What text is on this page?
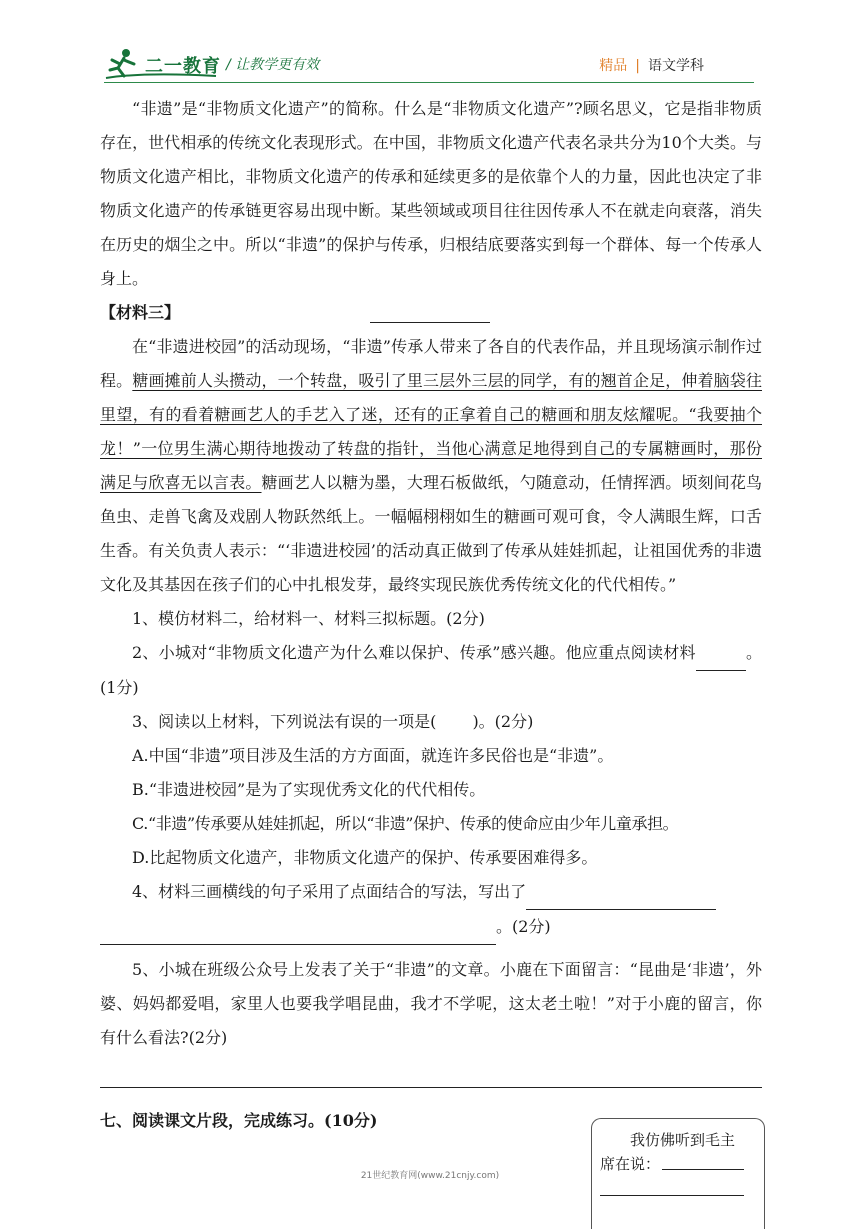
二一教育 / 让教学更有效	精品 | 语文学科

“非遗”是“非物质文化遗产”的简称。什么是“非物质文化遗产”?顾名思义，它是指非物质存在，世代相承的传统文化表现形式。在中国，非物质文化遗产代表名录共分为10个大类。与物质文化遗产相比，非物质文化遗产的传承和延续更多的是依靠个人的力量，因此也决定了非物质文化遗产的传承链更容易出现中断。某些领域或项目往往因传承人不在就走向衰落，消失在历史的烟尘之中。所以“非遗”的保护与传承，归根结底要落实到每一个群体、每一个传承人身上。

【材料三】

在“非遗进校园”的活动现场，“非遗”传承人带来了各自的代表作品，并且现场演示制作过程。糖画摊前人头攒动，一个转盘，吸引了里三层外三层的同学，有的翘首企足，伸着脑袋往里望，有的看着糖画艺人的手艺入了迷，还有的正拿着自己的糖画和朋友炫耀呢。“我要抽个龙！”一位男生满心期待地拨动了转盘的指针，当他心满意足地得到自己的专属糖画时，那份满足与欣喜无以言表。糖画艺人以糖为墨，大理石板做纸，勺随意动，任情挥洒。顷刻间花鸟鱼虫、走兽飞禽及戏剧人物跃然纸上。一幅幅栩栩如生的糖画可观可食，令人满眼生辉，口舌生香。有关负责人表示：“‘非遗进校园’的活动真正做到了传承从娃娃抓起，让祖国优秀的非遗文化及其基因在孩子们的心中扎根发芽，最终实现民族优秀传统文化的代代相传。”

1、模仿材料二，给材料一、材料三拟标题。(2分)

2、小城对“非物质文化遗产为什么难以保护、传承”感兴趣。他应重点阅读材料	。(1分)

3、阅读以上材料，下列说法有误的一项是( )。(2分)

A.中国“非遗”项目涉及生活的方方面面，就连许多民俗也是“非遗”。

B.“非遗进校园”是为了实现优秀文化的代代相传。

C.“非遗”传承要从娃娃抓起，所以“非遗”保护、传承的使命应由少年儿童承担。

D.比起物质文化遗产，非物质文化遗产的保护、传承要困难得多。

4、材料三画横线的句子采用了点面结合的写法，写出了

。(2分)

5、小城在班级公众号上发表了关于“非遗”的文章。小鹿在下面留言：“昆曲是‘非遗’，外婆、妈妈都爱唱，家里人也要我学唱昆曲，我才不学呢，这太老土啦！”对于小鹿的留言，你有什么看法?(2分)

七、阅读课文片段，完成练习。(10分)
我仿佛听到毛主
席在说：
21世纪教育网(www.21cnjy.com)
